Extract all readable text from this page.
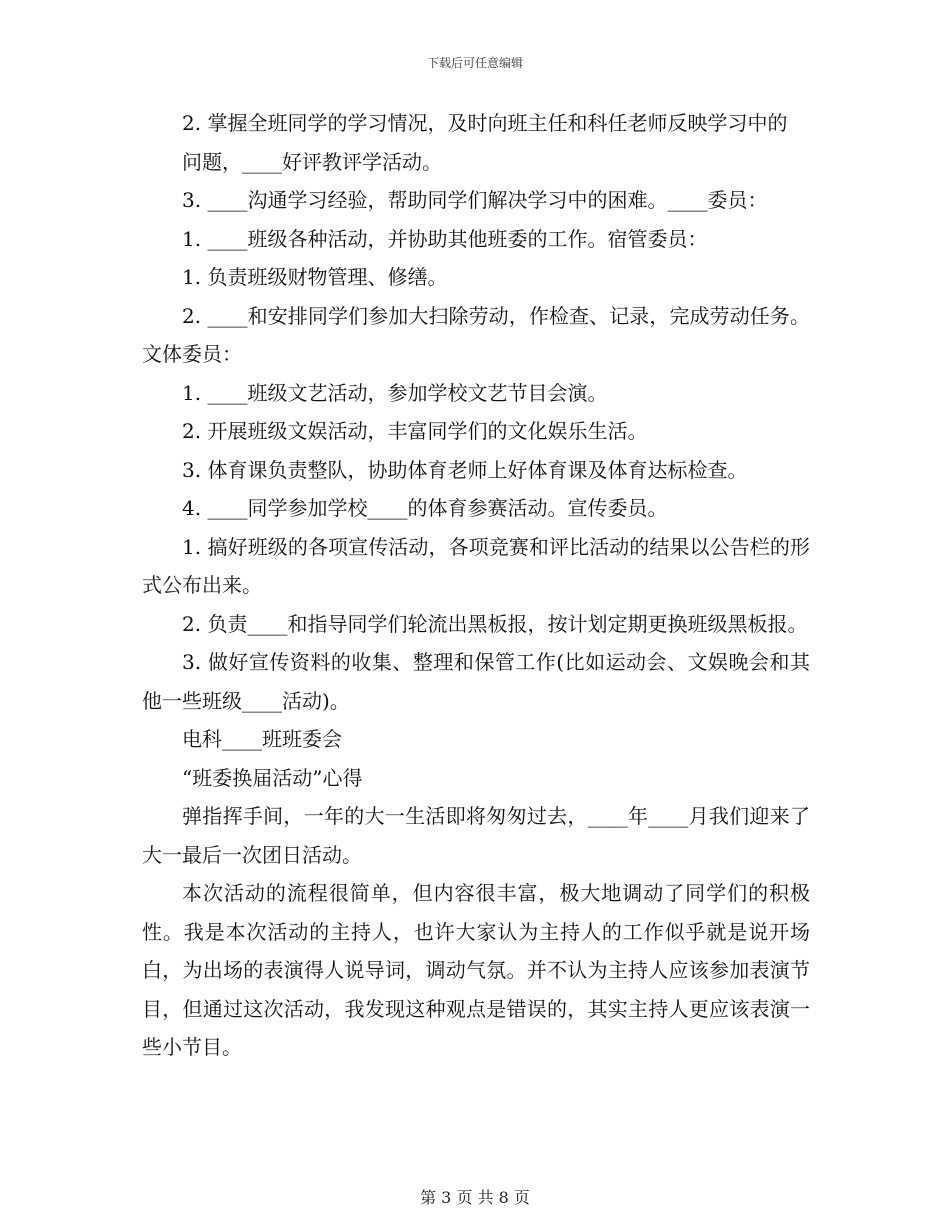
下载后可任意编辑

2. 掌握全班同学的学习情况，及时向班主任和科任老师反映学习中的

问题，____好评教评学活动。

3. ____沟通学习经验，帮助同学们解决学习中的困难。____委员：

1. ____班级各种活动，并协助其他班委的工作。宿管委员：

1. 负责班级财物管理、修缮。

2. ____和安排同学们参加大扫除劳动，作检查、记录，完成劳动任务。文体委员：

1. ____班级文艺活动，参加学校文艺节目会演。

2. 开展班级文娱活动，丰富同学们的文化娱乐生活。

3. 体育课负责整队，协助体育老师上好体育课及体育达标检查。

4. ____同学参加学校____的体育参赛活动。宣传委员。

1. 搞好班级的各项宣传活动，各项竞赛和评比活动的结果以公告栏的形式公布出来。

2. 负责____和指导同学们轮流出黑板报，按计划定期更换班级黑板报。

3. 做好宣传资料的收集、整理和保管工作(比如运动会、文娱晚会和其他一些班级____活动)。

电科____班班委会

“班委换届活动”心得

弹指挥手间，一年的大一生活即将匆匆过去，____年____月我们迎来了大一最后一次团日活动。

本次活动的流程很简单，但内容很丰富，极大地调动了同学们的积极性。我是本次活动的主持人，也许大家认为主持人的工作似乎就是说开场白，为出场的表演得人说导词，调动气氛。并不认为主持人应该参加表演节目，但通过这次活动，我发现这种观点是错误的，其实主持人更应该表演一些小节目。

第 3 页 共 8 页
